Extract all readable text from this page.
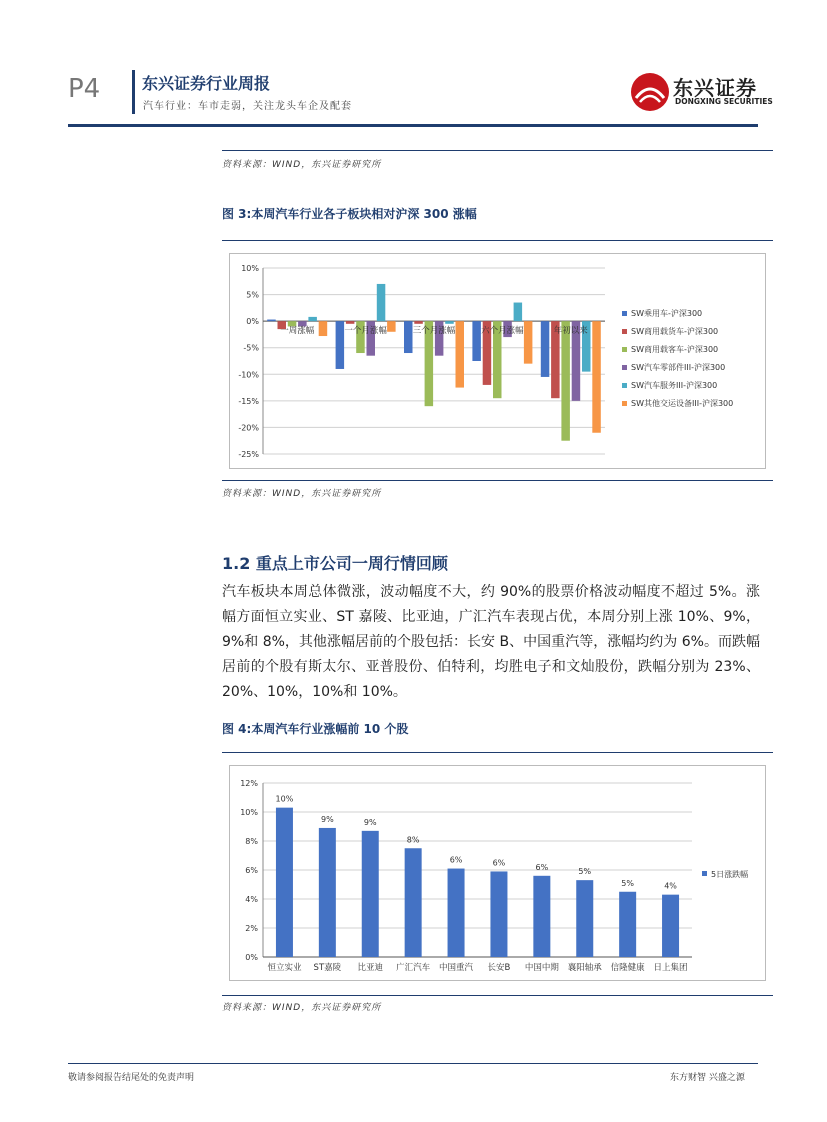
P4	东兴证券行业周报
汽车行业：车市走弱，关注龙头车企及配套
东兴证券
DONGXING SECURITIES
资料来源：WIND，东兴证券研究所
图 3:本周汽车行业各子板块相对沪深 300 涨幅
10%
5%
0%
-5%
-10%
-15%
-20%
-25%
一周涨幅	一个月涨幅	三个月涨幅	六个月涨幅	年初以来
SW乘用车-沪深300
SW商用载货车-沪深300
SW商用载客车-沪深300
SW汽车零部件III-沪深300
SW汽车服务III-沪深300
SW其他交运设备III-沪深300
资料来源：WIND，东兴证券研究所
1.2 重点上市公司一周行情回顾
汽车板块本周总体微涨，波动幅度不大，约 90%的股票价格波动幅度不超过 5%。涨幅方面恒立实业、ST 嘉陵、比亚迪，广汇汽车表现占优，本周分别上涨 10%、9%，9%和 8%，其他涨幅居前的个股包括：长安 B、中国重汽等，涨幅均约为 6%。而跌幅居前的个股有斯太尔、亚普股份、伯特利，均胜电子和文灿股份，跌幅分别为 23%、20%、10%，10%和 10%。
图 4:本周汽车行业涨幅前 10 个股
12%
10%
8%
6%
4%
2%
0%
10%
恒立实业
9%
ST嘉陵
9%
比亚迪
8%
广汇汽车
6%
中国重汽
6%
长安B
6%
中国中期
5%
襄阳轴承
5%
信隆健康
4%
日上集团
5日涨跌幅
资料来源：WIND，东兴证券研究所
敬请参阅报告结尾处的免责声明	东方财智 兴盛之源
